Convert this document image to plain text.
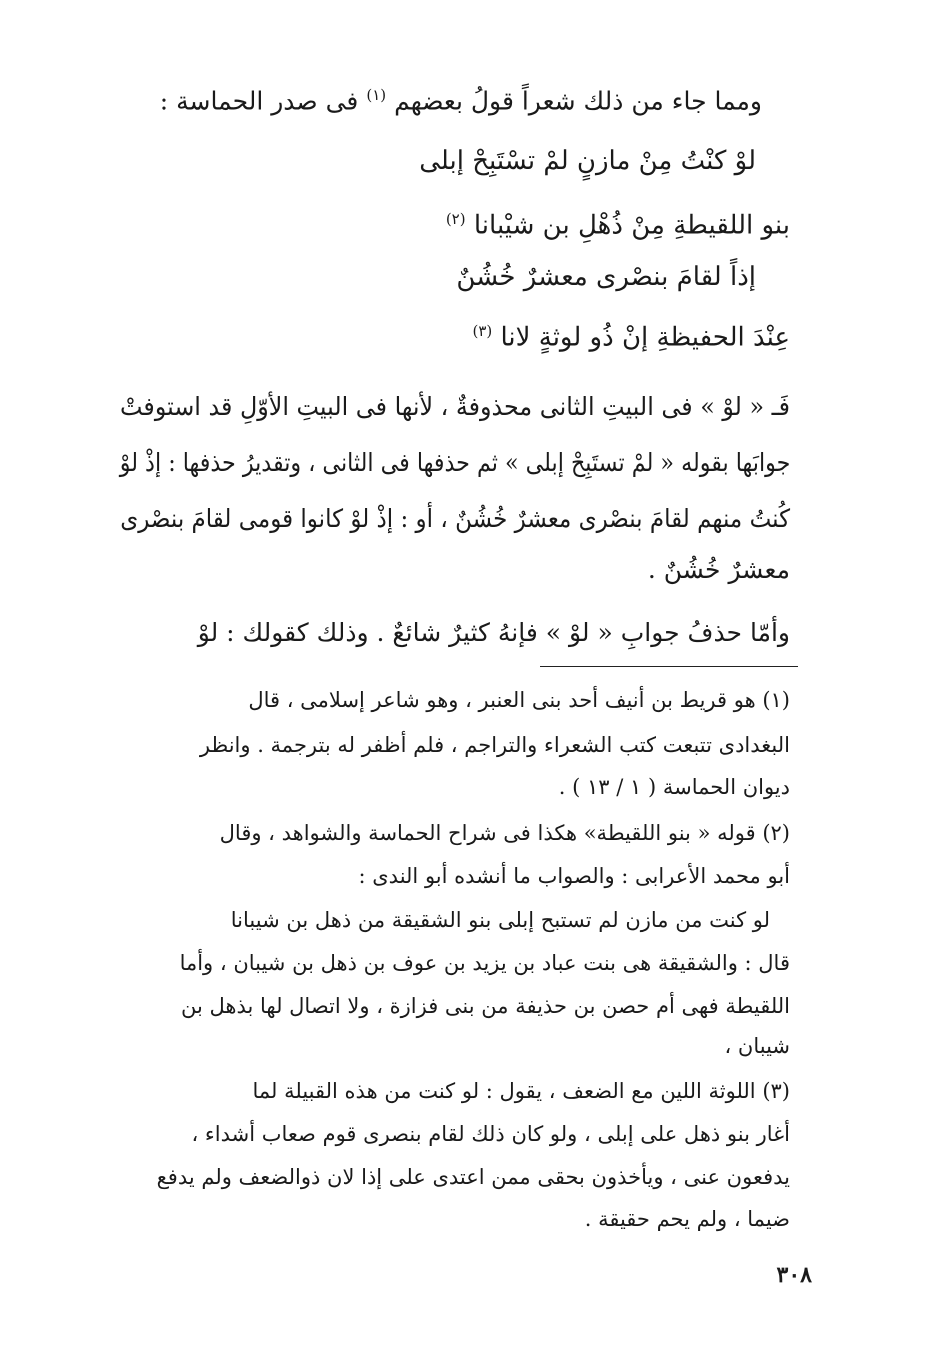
ومما جاء من ذلك شعراً قولُ بعضهم $^{(١)}$ فى صدر الحماسة :
لوْ كنْتُ مِنْ مازنٍ لمْ تسْتَبِحْ إبلى
بنو اللقيطةِ مِنْ ذُهْلِ بن شيْبانا $^{(٢)}$
إذاً لقامَ بنصْرى معشرٌ خُشُنٌ
عِنْدَ الحفيظةِ إنْ ذُو لوثةٍ لانا $^{(٣)}$
فَـ « لوْ » فى البيتِ الثانى محذوفةٌ ، لأنها فى البيتِ الأوّلِ قد استوفتْ
جوابَها بقوله « لمْ تستَبِحْ إبلى » ثم حذفها فى الثانى ، وتقديرُ حذفها : إذْ لوْ
كُنتُ منهم لقامَ بنصْرى معشرٌ خُشُنٌ ، أو : إذْ لوْ كانوا قومى لقامَ بنصْرى
معشرٌ خُشُنٌ .
وأمّا حذفُ جوابِ « لوْ » فإنهُ كثيرٌ شائعٌ . وذلك كقولك : لوْ
(١) هو قريط بن أنيف أحد بنى العنبر ، وهو شاعر إسلامى ، قال
البغدادى تتبعت كتب الشعراء والتراجم ، فلم أظفر له بترجمة . وانظر
ديوان الحماسة ( ١ / ١٣ ) .
(٢) قوله « بنو اللقيطة» هكذا فى شراح الحماسة والشواهد ، وقال
أبو محمد الأعرابى : والصواب ما أنشده أبو الندى :
لو كنت من مازن لم تستبح إبلى بنو الشقيقة من ذهل بن شيبانا
قال : والشقيقة هى بنت عباد بن يزيد بن عوف بن ذهل بن شيبان ، وأما
اللقيطة فهى أم حصن بن حذيفة من بنى فزازة ، ولا اتصال لها بذهل بن
شيبان ،
(٣) اللوثة اللين مع الضعف ، يقول : لو كنت من هذه القبيلة لما
أغار بنو ذهل على إبلى ، ولو كان ذلك لقام بنصرى قوم صعاب أشداء ،
يدفعون عنى ، ويأخذون بحقى ممن اعتدى على إذا لان ذوالضعف ولم يدفع
ضيما ، ولم يحم حقيقة .
٣٠٨
